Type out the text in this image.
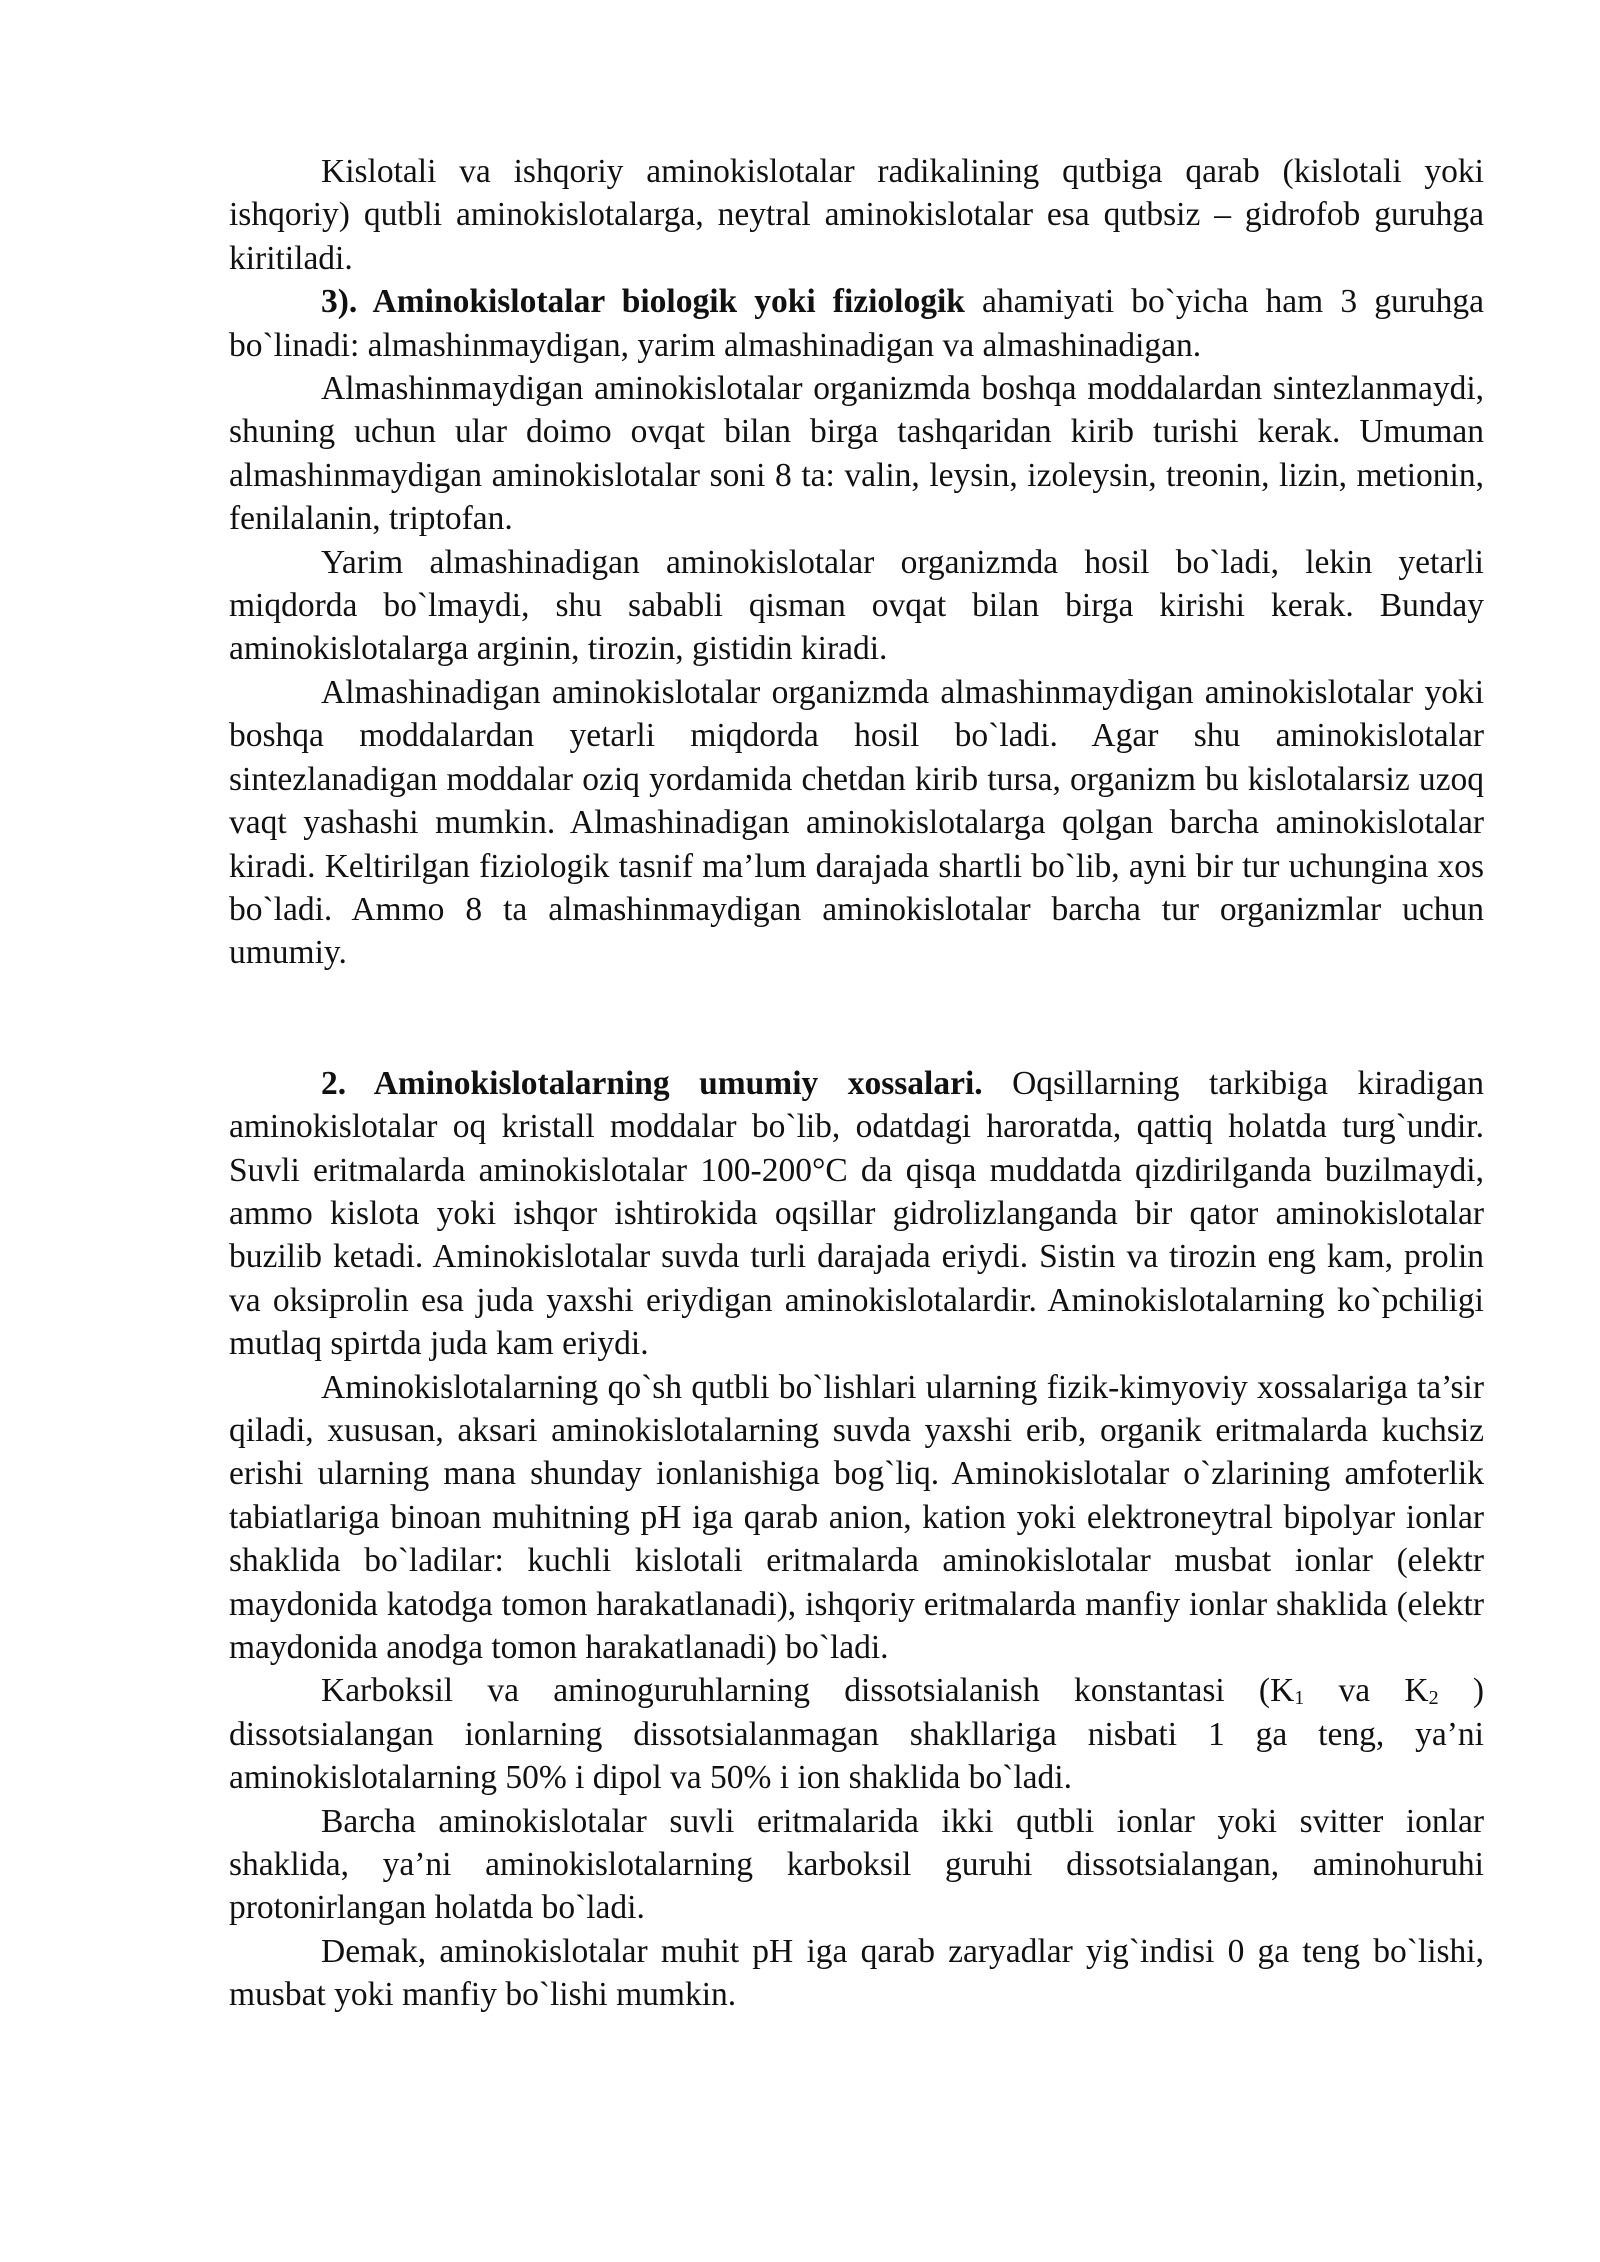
Kislotali va ishqoriy aminokislotalar radikalining qutbiga qarab (kislotali yoki ishqoriy) qutbli aminokislotalarga, neytral aminokislotalar esa qutbsiz – gidrofob guruhga kiritiladi.

3). Aminokislotalar biologik yoki fiziologik ahamiyati bo`yicha ham 3 guruhga bo`linadi: almashinmaydigan, yarim almashinadigan va almashinadigan.

Almashinmaydigan aminokislotalar organizmda boshqa moddalardan sintezlanmaydi, shuning uchun ular doimo ovqat bilan birga tashqaridan kirib turishi kerak. Umuman almashinmaydigan aminokislotalar soni 8 ta: valin, leysin, izoleysin, treonin, lizin, metionin, fenilalanin, triptofan.

Yarim almashinadigan aminokislotalar organizmda hosil bo`ladi, lekin yetarli miqdorda bo`lmaydi, shu sababli qisman ovqat bilan birga kirishi kerak. Bunday aminokislotalarga arginin, tirozin, gistidin kiradi.

Almashinadigan aminokislotalar organizmda almashinmaydigan aminokislotalar yoki boshqa moddalardan yetarli miqdorda hosil bo`ladi. Agar shu aminokislotalar sintezlanadigan moddalar oziq yordamida chetdan kirib tursa, organizm bu kislotalarsiz uzoq vaqt yashashi mumkin. Almashinadigan aminokislotalarga qolgan barcha aminokislotalar kiradi. Keltirilgan fiziologik tasnif ma’lum darajada shartli bo`lib, ayni bir tur uchungina xos bo`ladi. Ammo 8 ta almashinmaydigan aminokislotalar barcha tur organizmlar uchun umumiy.

2. Aminokislotalarning umumiy xossalari. Oqsillarning tarkibiga kiradigan aminokislotalar oq kristall moddalar bo`lib, odatdagi haroratda, qattiq holatda turg`undir. Suvli eritmalarda aminokislotalar 100-200°C da qisqa muddatda qizdirilganda buzilmaydi, ammo kislota yoki ishqor ishtirokida oqsillar gidrolizlanganda bir qator aminokislotalar buzilib ketadi. Aminokislotalar suvda turli darajada eriydi. Sistin va tirozin eng kam, prolin va oksiprolin esa juda yaxshi eriydigan aminokislotalardir. Aminokislotalarning ko`pchiligi mutlaq spirtda juda kam eriydi.

Aminokislotalarning qo`sh qutbli bo`lishlari ularning fizik-kimyoviy xossalariga ta’sir qiladi, xususan, aksari aminokislotalarning suvda yaxshi erib, organik eritmalarda kuchsiz erishi ularning mana shunday ionlanishiga bog`liq. Aminokislotalar o`zlarining amfoterlik tabiatlariga binoan muhitning pH iga qarab anion, kation yoki elektroneytral bipolyar ionlar shaklida bo`ladilar: kuchli kislotali eritmalarda aminokislotalar musbat ionlar (elektr maydonida katodga tomon harakatlanadi), ishqoriy eritmalarda manfiy ionlar shaklida (elektr maydonida anodga tomon harakatlanadi) bo`ladi.

Karboksil va aminoguruhlarning dissotsialanish konstantasi ($K_1$ va $K_2$ ) dissotsialangan ionlarning dissotsialanmagan shakllariga nisbati 1 ga teng, ya’ni aminokislotalarning 50% i dipol va 50% i ion shaklida bo`ladi.

Barcha aminokislotalar suvli eritmalarida ikki qutbli ionlar yoki svitter ionlar shaklida, ya’ni aminokislotalarning karboksil guruhi dissotsialangan, aminohuruhi protonirlangan holatda bo`ladi.

Demak, aminokislotalar muhit pH iga qarab zaryadlar yig`indisi 0 ga teng bo`lishi, musbat yoki manfiy bo`lishi mumkin.
